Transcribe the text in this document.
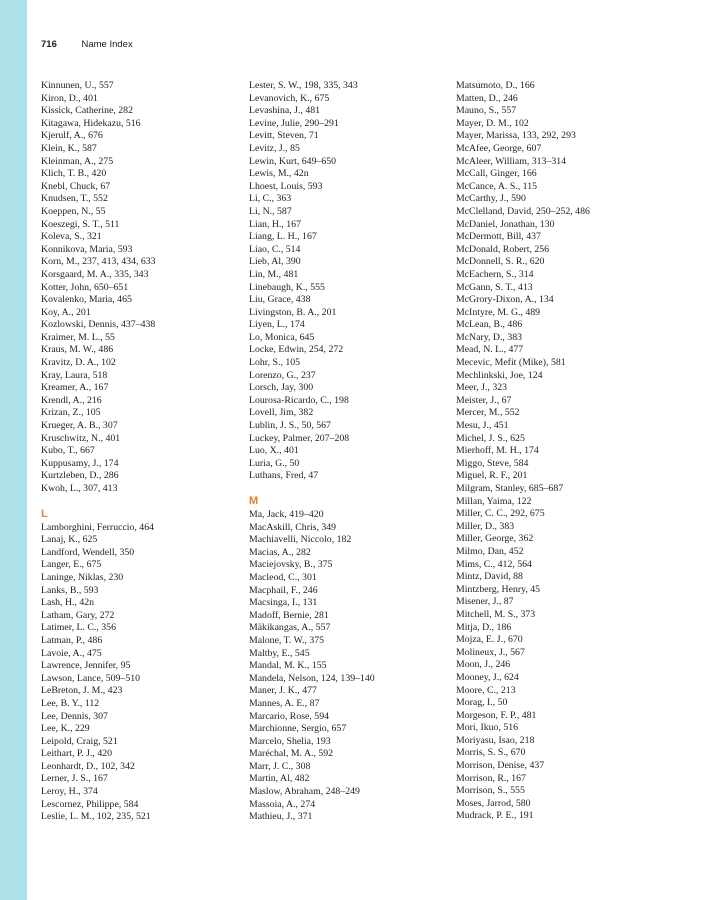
716	Name Index
Kinnunen, U., 557
Kiron, D., 401
Kissick, Catherine, 282
Kitagawa, Hidekazu, 516
Kjerulf, A., 676
Klein, K., 587
Kleinman, A., 275
Klich, T. B., 420
Knebl, Chuck, 67
Knudsen, T., 552
Koeppen, N., 55
Koeszegi, S. T., 511
Koleva, S., 321
Konnikova, Maria, 593
Korn, M., 237, 413, 434, 633
Korsgaard, M. A., 335, 343
Kotter, John, 650–651
Kovalenko, Maria, 465
Koy, A., 201
Kozlowski, Dennis, 437–438
Kraimer, M. L., 55
Kraus, M. W., 486
Kravitz, D. A., 102
Kray, Laura, 518
Kreamer, A., 167
Krendl, A., 216
Krizan, Z., 105
Krueger, A. B., 307
Kruschwitz, N., 401
Kubo, T., 667
Kuppusamy, J., 174
Kurtzleben, D., 286
Kwoh, L., 307, 413
L
Lamborghini, Ferruccio, 464
Lanaj, K., 625
Landford, Wendell, 350
Langer, E., 675
Laninge, Niklas, 230
Lanks, B., 593
Lash, H., 42n
Latham, Gary, 272
Latimer, L. C., 356
Latman, P., 486
Lavoie, A., 475
Lawrence, Jennifer, 95
Lawson, Lance, 509–510
LeBreton, J. M., 423
Lee, B. Y., 112
Lee, Dennis, 307
Lee, K., 229
Leipold, Craig, 521
Leithart, P. J., 420
Leonhardt, D., 102, 342
Lerner, J. S., 167
Leroy, H., 374
Lescornez, Philippe, 584
Leslie, L. M., 102, 235, 521
Lester, S. W., 198, 335, 343
Levanovich, K., 675
Levashina, J., 481
Levine, Julie, 290–291
Levitt, Steven, 71
Levitz, J., 85
Lewin, Kurt, 649–650
Lewis, M., 42n
Lhoest, Louis, 593
Li, C., 363
Li, N., 587
Lian, H., 167
Liang, L. H., 167
Liao, C., 514
Lieb, Al, 390
Lin, M., 481
Linebaugh, K., 555
Liu, Grace, 438
Livingston, B. A., 201
Liyen, L., 174
Lo, Monica, 645
Locke, Edwin, 254, 272
Lohr, S., 105
Lorenzo, G., 237
Lorsch, Jay, 300
Lourosa-Ricardo, C., 198
Lovell, Jim, 382
Lublin, J. S., 50, 567
Luckey, Palmer, 207–208
Luo, X., 401
Luria, G., 50
Luthans, Fred, 47
M
Ma, Jack, 419–420
MacAskill, Chris, 349
Machiavelli, Niccolo, 182
Macias, A., 282
Maciejovsky, B., 375
Macleod, C., 301
Macphail, F., 246
Macsinga, I., 131
Madoff, Bernie, 281
Mäkikangas, A., 557
Malone, T. W., 375
Maltby, E., 545
Mandal, M. K., 155
Mandela, Nelson, 124, 139–140
Maner, J. K., 477
Mannes, A. E., 87
Marcario, Rose, 594
Marchionne, Sergio, 657
Marcelo, Shelia, 193
Maréchal, M. A., 592
Marr, J. C., 308
Martin, Al, 482
Maslow, Abraham, 248–249
Massoia, A., 274
Mathieu, J., 371
Matsumoto, D., 166
Matten, D., 246
Mauno, S., 557
Mayer, D. M., 102
Mayer, Marissa, 133, 292, 293
McAfee, George, 607
McAleer, William, 313–314
McCall, Ginger, 166
McCance, A. S., 115
McCarthy, J., 590
McClelland, David, 250–252, 486
McDaniel, Jonathan, 130
McDermott, Bill, 437
McDonald, Robert, 256
McDonnell, S. R., 620
McEachern, S., 314
McGann, S. T., 413
McGrory-Dixon, A., 134
McIntyre, M. G., 489
McLean, B., 486
McNary, D., 383
Mead, N. L., 477
Mecevic, Mefit (Mike), 581
Mechlinkski, Joe, 124
Meer, J., 323
Meister, J., 67
Mercer, M., 552
Mesu, J., 451
Michel, J. S., 625
Mierhoff, M. H., 174
Miggo, Steve, 584
Miguel, R. F., 201
Milgram, Stanley, 685–687
Millan, Yaima, 122
Miller, C. C., 292, 675
Miller, D., 383
Miller, George, 362
Milmo, Dan, 452
Mims, C., 412, 564
Mintz, David, 88
Mintzberg, Henry, 45
Misener, J., 87
Mitchell, M. S., 373
Mitja, D., 186
Mojza, E. J., 670
Molineux, J., 567
Moon, J., 246
Mooney, J., 624
Moore, C., 213
Morag, I., 50
Morgeson, F. P., 481
Mori, Ikuo, 516
Moriyasu, Isao, 218
Morris, S. S., 670
Morrison, Denise, 437
Morrison, R., 167
Morrison, S., 555
Moses, Jarrod, 580
Mudrack, P. E., 191
